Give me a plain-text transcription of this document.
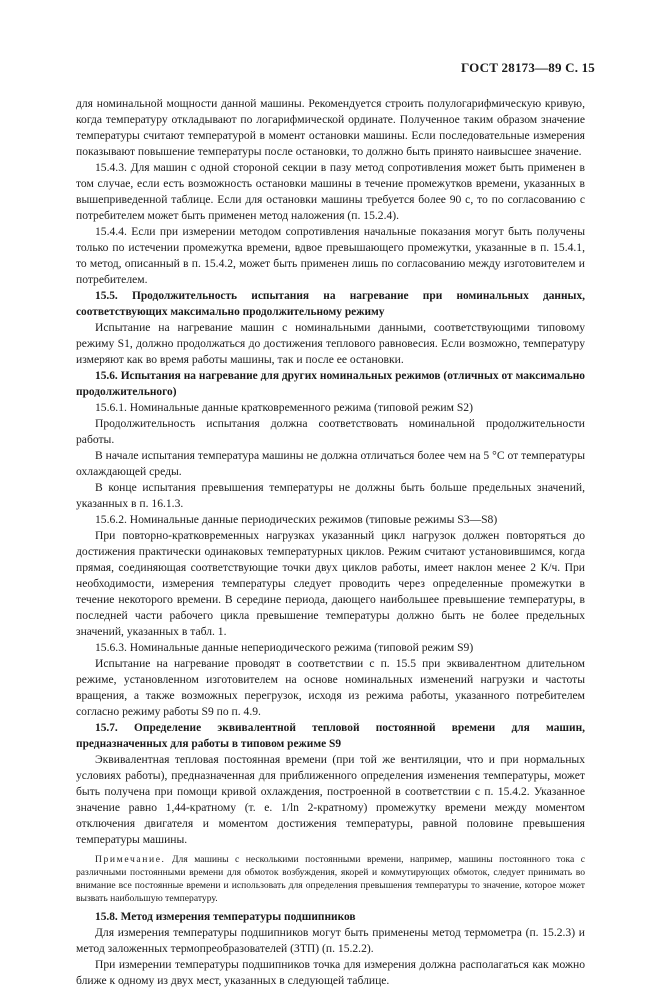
ГОСТ 28173—89 С. 15

для номинальной мощности данной машины. Рекомендуется строить полулогарифмическую кривую, когда температуру откладывают по логарифмической ординате. Полученное таким образом значение температуры считают температурой в момент остановки машины. Если последовательные измерения показывают повышение температуры после остановки, то должно быть принято наивысшее значение.

15.4.3. Для машин с одной стороной секции в пазу метод сопротивления может быть применен в том случае, если есть возможность остановки машины в течение промежутков времени, указанных в вышеприведенной таблице. Если для остановки машины требуется более 90 с, то по согласованию с потребителем может быть применен метод наложения (п. 15.2.4).

15.4.4. Если при измерении методом сопротивления начальные показания могут быть получены только по истечении промежутка времени, вдвое превышающего промежутки, указанные в п. 15.4.1, то метод, описанный в п. 15.4.2, может быть применен лишь по согласованию между изготовителем и потребителем.

15.5. Продолжительность испытания на нагревание при номинальных данных, соответствующих максимально продолжительному режиму

Испытание на нагревание машин с номинальными данными, соответствующими типовому режиму S1, должно продолжаться до достижения теплового равновесия. Если возможно, температуру измеряют как во время работы машины, так и после ее остановки.

15.6. Испытания на нагревание для других номинальных режимов (отличных от максимально продолжительного)

15.6.1. Номинальные данные кратковременного режима (типовой режим S2)

Продолжительность испытания должна соответствовать номинальной продолжительности работы.

В начале испытания температура машины не должна отличаться более чем на 5 °С от температуры охлаждающей среды.

В конце испытания превышения температуры не должны быть больше предельных значений, указанных в п. 16.1.3.

15.6.2. Номинальные данные периодических режимов (типовые режимы S3—S8)

При повторно-кратковременных нагрузках указанный цикл нагрузок должен повторяться до достижения практически одинаковых температурных циклов. Режим считают установившимся, когда прямая, соединяющая соответствующие точки двух циклов работы, имеет наклон менее 2 К/ч. При необходимости, измерения температуры следует проводить через определенные промежутки в течение некоторого времени. В середине периода, дающего наибольшее превышение температуры, в последней части рабочего цикла превышение температуры должно быть не более предельных значений, указанных в табл. 1.

15.6.3. Номинальные данные непериодического режима (типовой режим S9)

Испытание на нагревание проводят в соответствии с п. 15.5 при эквивалентном длительном режиме, установленном изготовителем на основе номинальных изменений нагрузки и частоты вращения, а также возможных перегрузок, исходя из режима работы, указанного потребителем согласно режиму работы S9 по п. 4.9.

15.7. Определение эквивалентной тепловой постоянной времени для машин, предназначенных для работы в типовом режиме S9

Эквивалентная тепловая постоянная времени (при той же вентиляции, что и при нормальных условиях работы), предназначенная для приближенного определения изменения температуры, может быть получена при помощи кривой охлаждения, построенной в соответствии с п. 15.4.2. Указанное значение равно 1,44-кратному (т. е. 1/ln 2-кратному) промежутку времени между моментом отключения двигателя и моментом достижения температуры, равной половине превышения температуры машины.

Примечание. Для машины с несколькими постоянными времени, например, машины постоянного тока с различными постоянными времени для обмоток возбуждения, якорей и коммутирующих обмоток, следует принимать во внимание все постоянные времени и использовать для определения превышения температуры то значение, которое может вызвать наибольшую температуру.

15.8. Метод измерения температуры подшипников

Для измерения температуры подшипников могут быть применены метод термометра (п. 15.2.3) и метод заложенных термопреобразователей (ЗТП) (п. 15.2.2).

При измерении температуры подшипников точка для измерения должна располагаться как можно ближе к одному из двух мест, указанных в следующей таблице.
